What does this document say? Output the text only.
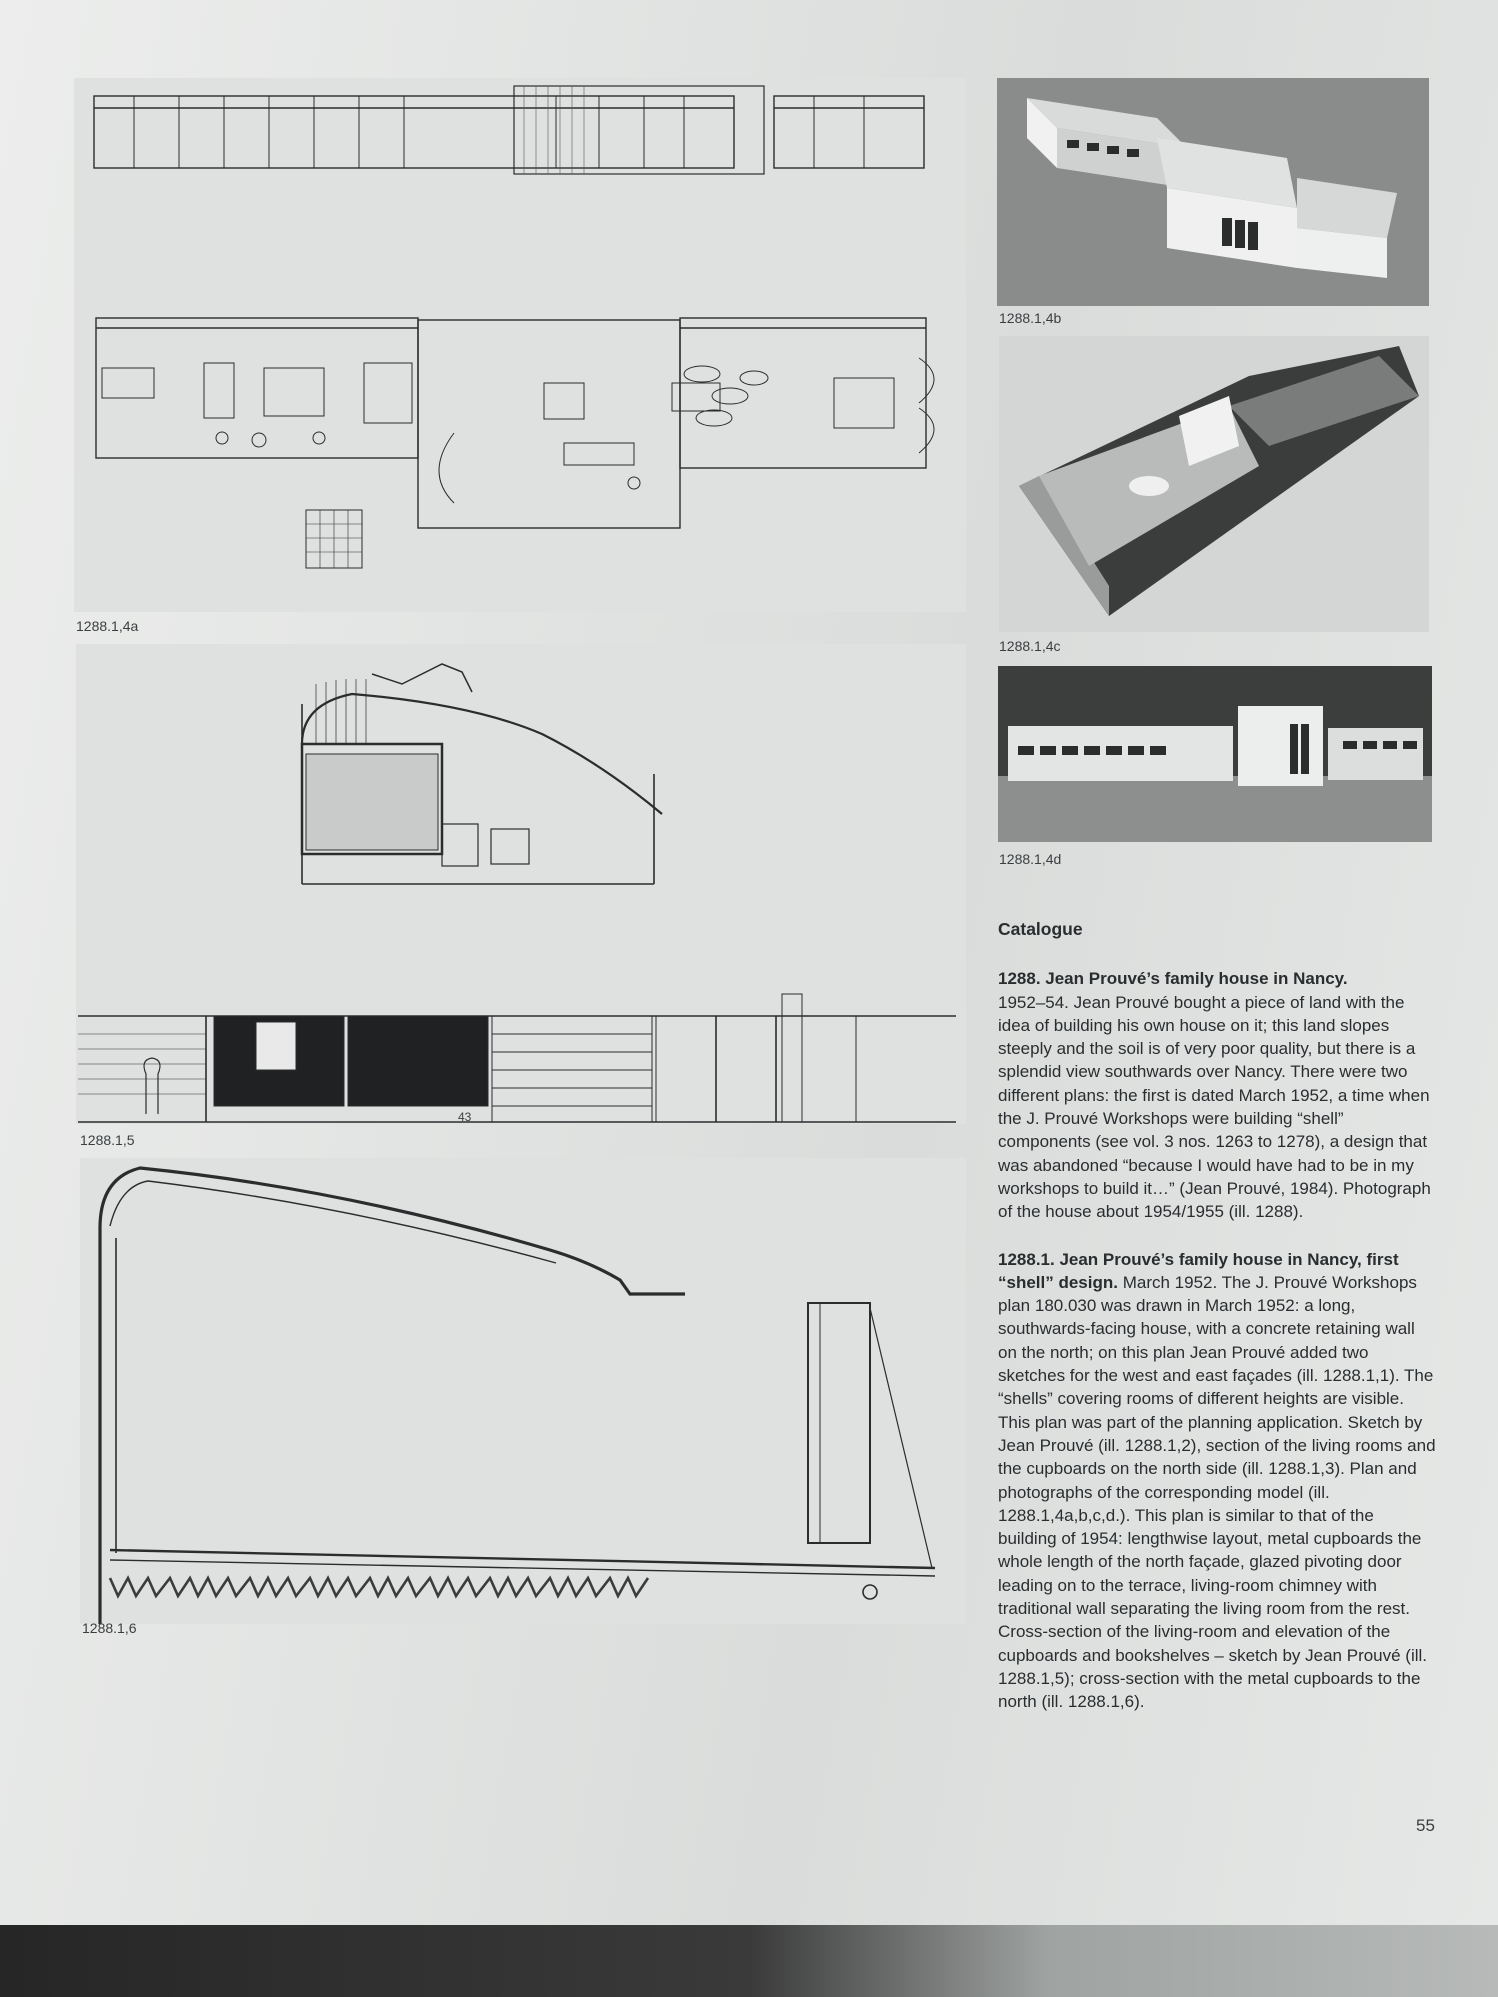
1288.1,4a
1288.1,4b
1288.1,4c
1288.1,4d
43
1288.1,5
1288.1,6
Catalogue
1288. Jean Prouvé’s family house in Nancy.
1952–54. Jean Prouvé bought a piece of land with the idea of building his own house on it; this land slopes steeply and the soil is of very poor quality, but there is a splendid view southwards over Nancy. There were two different plans: the first is dated March 1952, a time when the J. Prouvé Workshops were building “shell” components (see vol. 3 nos. 1263 to 1278), a design that was abandoned “because I would have had to be in my workshops to build it…” (Jean Prouvé, 1984). Photograph of the house about 1954/1955 (ill. 1288).
1288.1. Jean Prouvé’s family house in Nancy, first “shell” design. March 1952. The J. Prouvé Workshops plan 180.030 was drawn in March 1952: a long, southwards-facing house, with a concrete retaining wall on the north; on this plan Jean Prouvé added two sketches for the west and east façades (ill. 1288.1,1). The “shells” covering rooms of different heights are visible. This plan was part of the planning application. Sketch by Jean Prouvé (ill. 1288.1,2), section of the living rooms and the cupboards on the north side (ill. 1288.1,3). Plan and photographs of the corresponding model (ill. 1288.1,4a,b,c,d.). This plan is similar to that of the building of 1954: lengthwise layout, metal cupboards the whole length of the north façade, glazed pivoting door leading on to the terrace, living-room chimney with traditional wall separating the living room from the rest. Cross-section of the living-room and elevation of the cupboards and bookshelves – sketch by Jean Prouvé (ill. 1288.1,5); cross-section with the metal cupboards to the north (ill. 1288.1,6).
55
